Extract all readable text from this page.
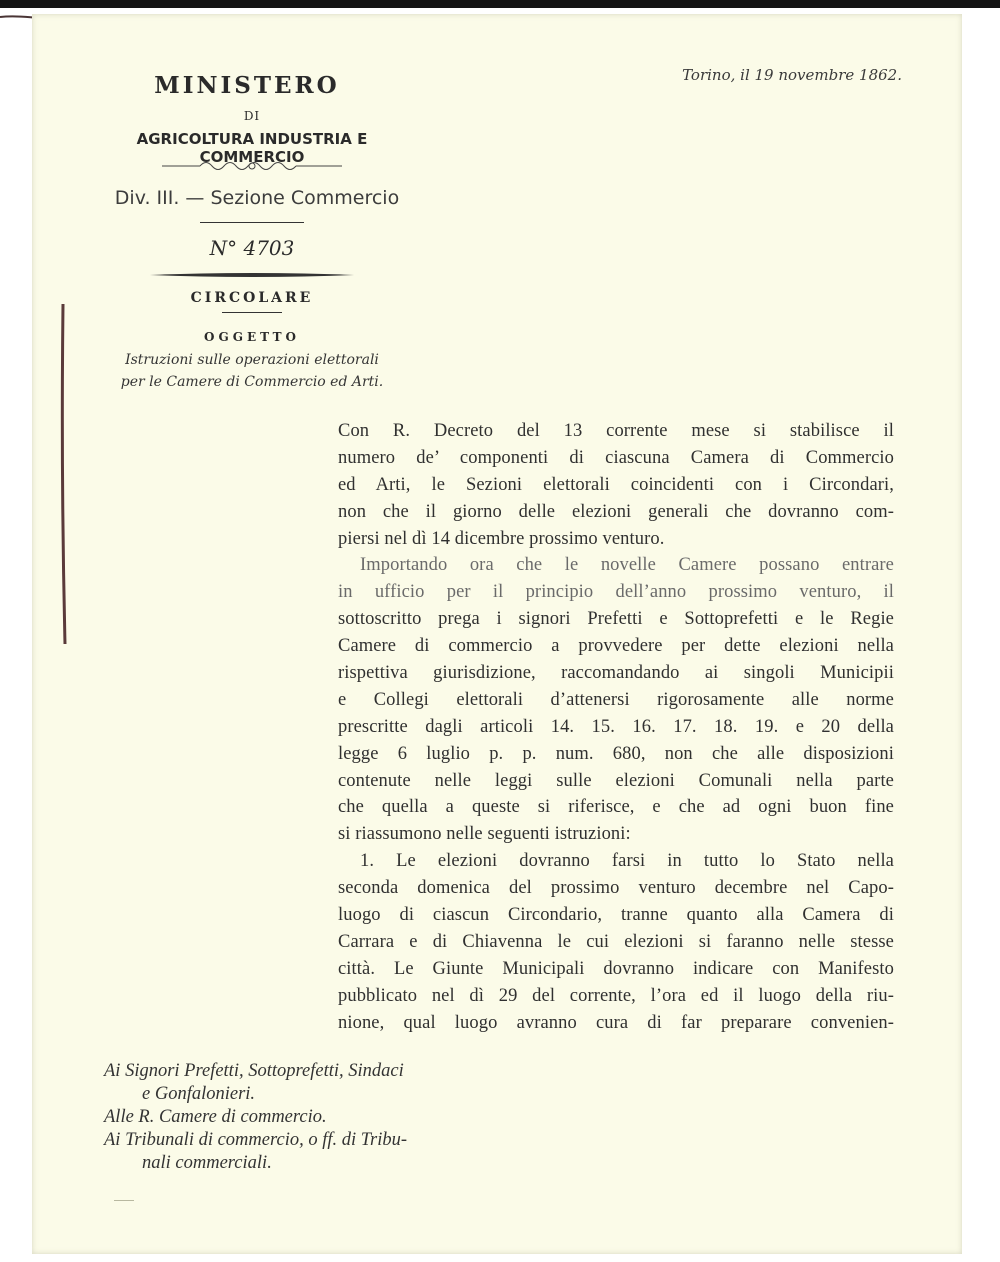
MINISTERO
DI
AGRICOLTURA INDUSTRIA E COMMERCIO
Div. III. — Sezione Commercio
N° 4703
CIRCOLARE
OGGETTO
Istruzioni sulle operazioni elettorali
per le Camere di Commercio ed Arti.
Torino, il 19 novembre 1862.
Con R. Decreto del 13 corrente mese si stabilisce il
numero de’ componenti di ciascuna Camera di Commercio
ed Arti, le Sezioni elettorali coincidenti con i Circondari,
non che il giorno delle elezioni generali che dovranno com-
piersi nel dì 14 dicembre prossimo venturo.
Importando ora che le novelle Camere possano entrare
in ufficio per il principio dell’anno prossimo venturo, il
sottoscritto prega i signori Prefetti e Sottoprefetti e le Regie
Camere di commercio a provvedere per dette elezioni nella
rispettiva giurisdizione, raccomandando ai singoli Municipii
e Collegi elettorali d’attenersi rigorosamente alle norme
prescritte dagli articoli 14. 15. 16. 17. 18. 19. e 20 della
legge 6 luglio p. p. num. 680, non che alle disposizioni
contenute nelle leggi sulle elezioni Comunali nella parte
che quella a queste si riferisce, e che ad ogni buon fine
si riassumono nelle seguenti istruzioni:
1. Le elezioni dovranno farsi in tutto lo Stato nella
seconda domenica del prossimo venturo decembre nel Capo-
luogo di ciascun Circondario, tranne quanto alla Camera di
Carrara e di Chiavenna le cui elezioni si faranno nelle stesse
città. Le Giunte Municipali dovranno indicare con Manifesto
pubblicato nel dì 29 del corrente, l’ora ed il luogo della riu-
nione, qual luogo avranno cura di far preparare convenien-
Ai Signori Prefetti, Sottoprefetti, Sindaci
e Gonfalonieri.
Alle R. Camere di commercio.
Ai Tribunali di commercio, o ff. di Tribu-
nali commerciali.
